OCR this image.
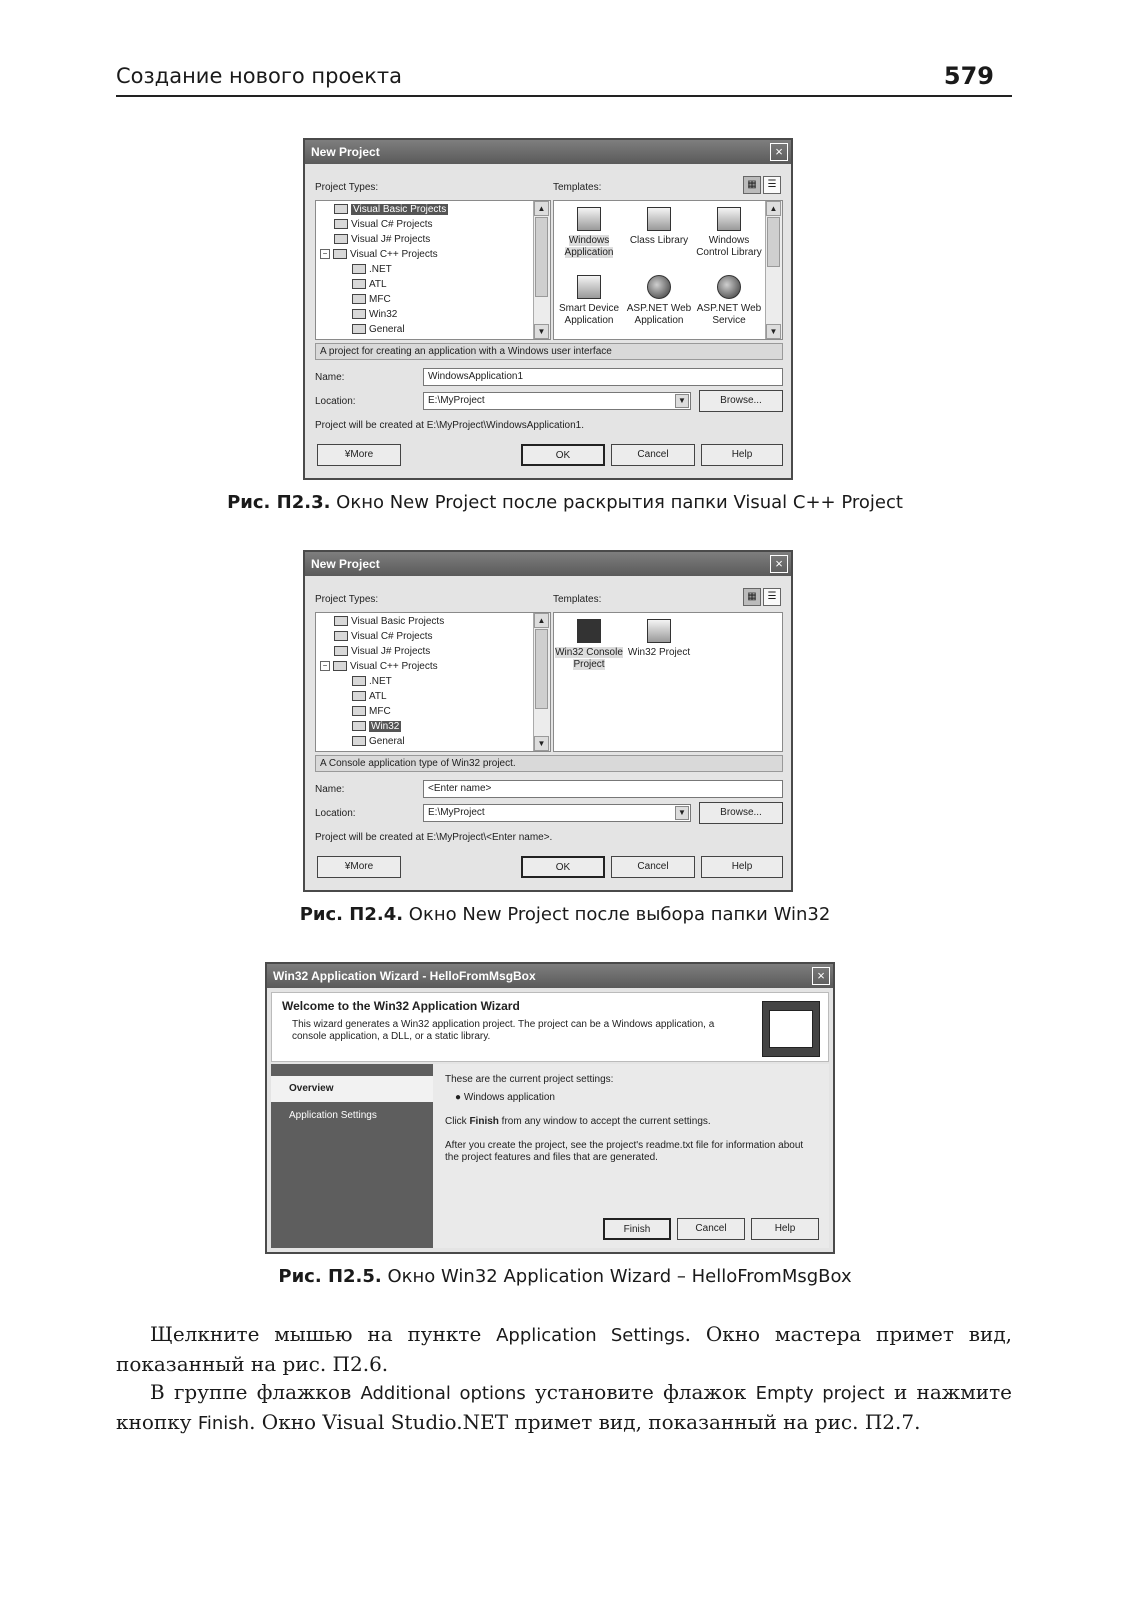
Создание нового проекта	579
New Project	×
Project Types:	Templates:	▦	☰
Visual Basic Projects
Visual C# Projects
Visual J# Projects
− Visual C++ Projects
.NET
ATL
MFC
Win32
General
▲
▼
Windows Application
Class Library	Windows Control Library
Smart Device Application
ASP.NET Web Application
ASP.NET Web Service
▲
▼
A project for creating an application with a Windows user interface
Name:	WindowsApplication1
Location:	E:\MyProject	▼	Browse...
Project will be created at E:\MyProject\WindowsApplication1.
¥More	OK	Cancel	Help
Рис. П2.3. Окно New Project после раскрытия папки Visual C++ Project
New Project	×
Project Types:	Templates:	▦	☰
Visual Basic Projects
Visual C# Projects
Visual J# Projects
− Visual C++ Projects
.NET
ATL
MFC
Win32
General
▲
▼
Win32 Console Project
Win32 Project
A Console application type of Win32 project.
Name:	<Enter name>
Location:	E:\MyProject	▼	Browse...
Project will be created at E:\MyProject\<Enter name>.
¥More	OK	Cancel	Help
Рис. П2.4. Окно New Project после выбора папки Win32
Win32 Application Wizard - HelloFromMsgBox	×
Welcome to the Win32 Application Wizard
This wizard generates a Win32 application project. The project can be a Windows application, a console application, a DLL, or a static library.
Overview
Application Settings
These are the current project settings:
● Windows application
Click Finish from any window to accept the current settings.
After you create the project, see the project's readme.txt file for information about the project features and files that are generated.
Finish	Cancel	Help
Рис. П2.5. Окно Win32 Application Wizard – HelloFromMsgBox

Щелкните мышью на пункте Application Settings. Окно мастера примет вид, показанный на рис. П2.6.

В группе флажков Additional options установите флажок Empty project и нажмите кнопку Finish. Окно Visual Studio.NET примет вид, показанный на рис. П2.7.
